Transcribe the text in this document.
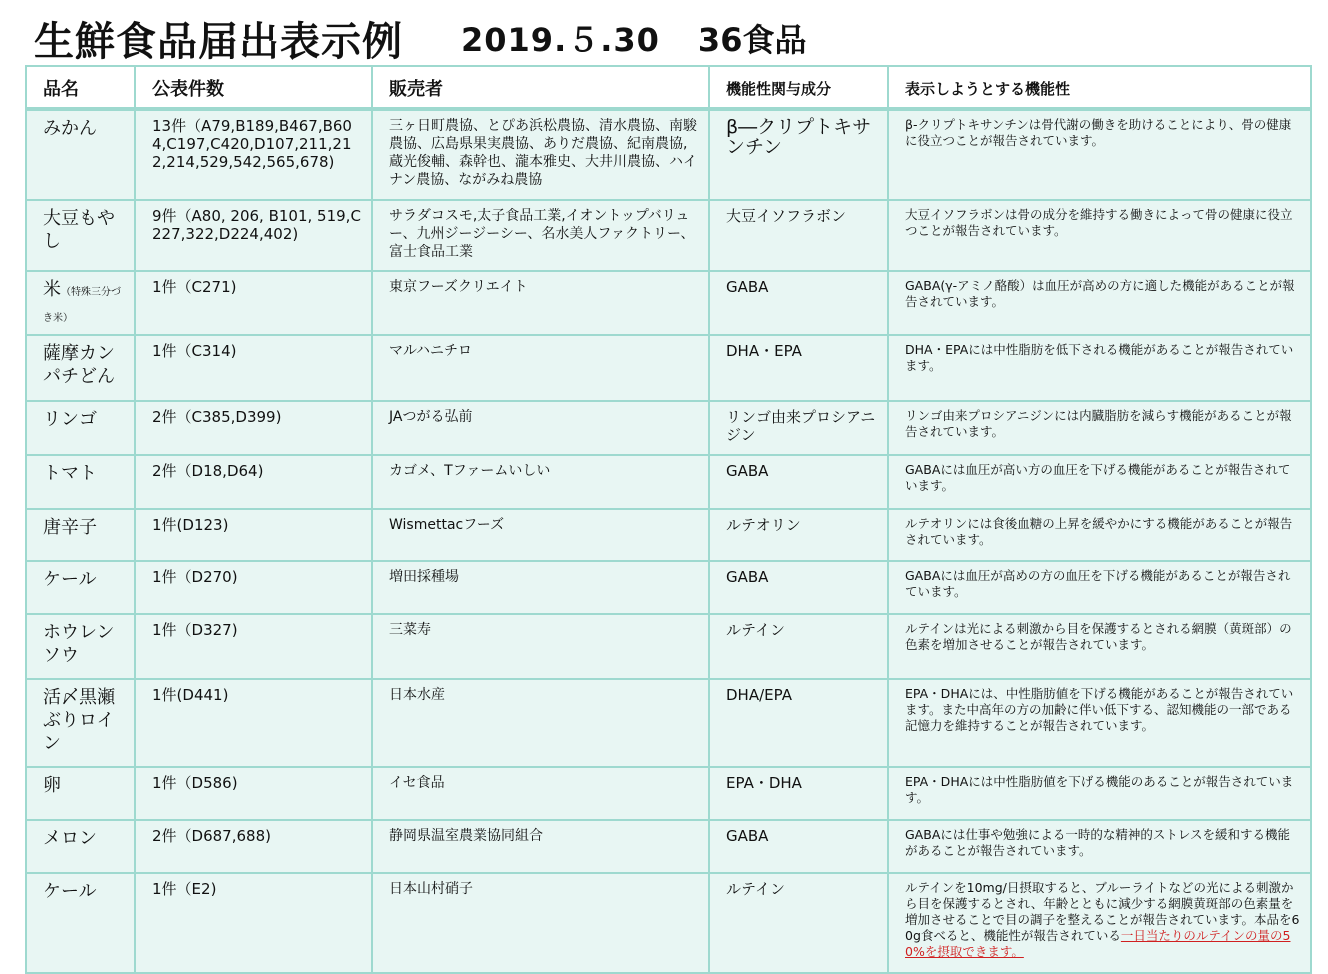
生鮮食品届出表示例 2019.５.30 36食品
品名	公表件数	販売者	機能性関与成分	表示しようとする機能性
みかん	13件（A79,B189,B467,B604,C197,C420,D107,211,212,214,529,542,565,678)	三ヶ日町農協、とぴあ浜松農協、清水農協、南駿農協、広島県果実農協、ありだ農協、紀南農協,蔵光俊輔、森幹也、瀧本雅史、大井川農協、ハイナン農協、ながみね農協	β―クリプトキサンチン	β-クリプトキサンチンは骨代謝の働きを助けることにより、骨の健康に役立つことが報告されています。
大豆もやし	9件（A80, 206, B101, 519,C227,322,D224,402)	サラダコスモ,太子食品工業,イオントップバリュー、九州ジージーシー、名水美人ファクトリー、富士食品工業	大豆イソフラボン	大豆イソフラボンは骨の成分を維持する働きによって骨の健康に役立つことが報告されています。
米（特殊三分づき米）	1件（C271)	東京フーズクリエイト	GABA	GABA(γ-アミノ酪酸）は血圧が高めの方に適した機能があることが報告されています。
薩摩カンパチどん	1件（C314)	マルハニチロ	DHA・EPA	DHA・EPAには中性脂肪を低下される機能があることが報告されています。
リンゴ	2件（C385,D399)	JAつがる弘前	リンゴ由来プロシアニジン	リンゴ由来プロシアニジンには内臓脂肪を減らす機能があることが報告されています。
トマト	2件（D18,D64)	カゴメ、Tファームいしい	GABA	GABAには血圧が高い方の血圧を下げる機能があることが報告されています。
唐辛子	1件(D123)	Wismettacフーズ	ルテオリン	ルテオリンには食後血糖の上昇を緩やかにする機能があることが報告されています。
ケール	1件（D270)	増田採種場	GABA	GABAには血圧が高めの方の血圧を下げる機能があることが報告されています。
ホウレンソウ	1件（D327)	三菜寿	ルテイン	ルテインは光による刺激から目を保護するとされる網膜（黄斑部）の色素を増加させることが報告されています。
活〆黒瀬ぶりロイン	1件(D441)	日本水産	DHA/EPA	EPA・DHAには、中性脂肪値を下げる機能があることが報告されています。また中高年の方の加齢に伴い低下する、認知機能の一部である記憶力を維持することが報告されています。
卵	1件（D586)	イセ食品	EPA・DHA	EPA・DHAには中性脂肪値を下げる機能のあることが報告されています。
メロン	2件（D687,688)	静岡県温室農業協同組合	GABA	GABAには仕事や勉強による一時的な精神的ストレスを緩和する機能があることが報告されています。
ケール	1件（E2)	日本山村硝子	ルテイン	ルテインを10mg/日摂取すると、ブルーライトなどの光による刺激から目を保護するとされ、年齢とともに減少する網膜黄斑部の色素量を増加させることで目の調子を整えることが報告されています。本品を60g食べると、機能性が報告されている一日当たりのルテインの量の50%を摂取できます。
